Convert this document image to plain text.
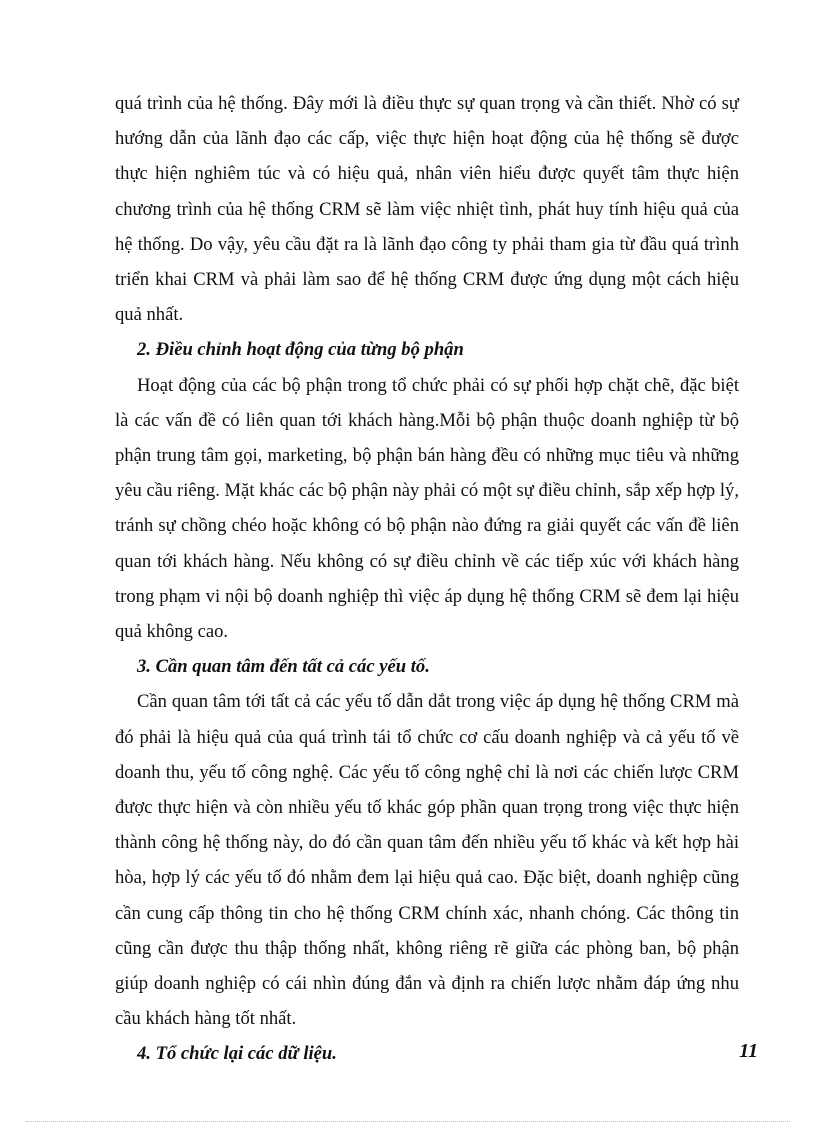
quá trình của hệ thống. Đây mới là điều thực sự quan trọng và cần thiết. Nhờ có sự hướng dẫn của lãnh đạo các cấp, việc thực hiện hoạt động của hệ thống sẽ được thực hiện nghiêm túc và có hiệu quả, nhân viên hiểu được quyết tâm thực hiện chương trình của hệ thống CRM sẽ làm việc nhiệt tình, phát huy tính hiệu quả của hệ thống. Do vậy, yêu cầu đặt ra là lãnh đạo công ty phải tham gia từ đầu quá trình triển khai CRM và phải làm sao để hệ thống CRM được ứng dụng một cách hiệu quả nhất.

2. Điều chỉnh hoạt động của từng bộ phận

Hoạt động của các bộ phận trong tổ chức phải có sự phối hợp chặt chẽ, đặc biệt là các vấn đề có liên quan tới khách hàng.Mỗi bộ phận thuộc doanh nghiệp từ bộ phận trung tâm gọi, marketing, bộ phận bán hàng đều có những mục tiêu và những yêu cầu riêng. Mặt khác các bộ phận này phải có một sự điều chỉnh, sắp xếp hợp lý, tránh sự chồng chéo hoặc không có bộ phận nào đứng ra giải quyết các vấn đề liên quan tới khách hàng. Nếu không có sự điều chỉnh về các tiếp xúc với khách hàng trong phạm vi nội bộ doanh nghiệp thì việc áp dụng hệ thống CRM sẽ đem lại hiệu quả không cao.

3. Cần quan tâm đến tất cả các yếu tố.

Cần quan tâm tới tất cả các yếu tố dẫn dắt trong việc áp dụng hệ thống CRM mà đó phải là hiệu quả của quá trình tái tổ chức cơ cấu doanh nghiệp và cả yếu tố về doanh thu, yếu tố công nghệ. Các yếu tố công nghệ chỉ là nơi các chiến lược CRM được thực hiện và còn nhiều yếu tố khác góp phần quan trọng trong việc thực hiện thành công hệ thống này, do đó cần quan tâm đến nhiều yếu tố khác và kết hợp hài hòa, hợp lý các yếu tố đó nhằm đem lại hiệu quả cao. Đặc biệt, doanh nghiệp cũng cần cung cấp thông tin cho hệ thống CRM chính xác, nhanh chóng. Các thông tin cũng cần được thu thập thống nhất, không riêng rẽ giữa các phòng ban, bộ phận giúp doanh nghiệp có cái nhìn đúng đắn và định ra chiến lược nhằm đáp ứng nhu cầu khách hàng tốt nhất.

4. Tổ chức lại các dữ liệu.	11
